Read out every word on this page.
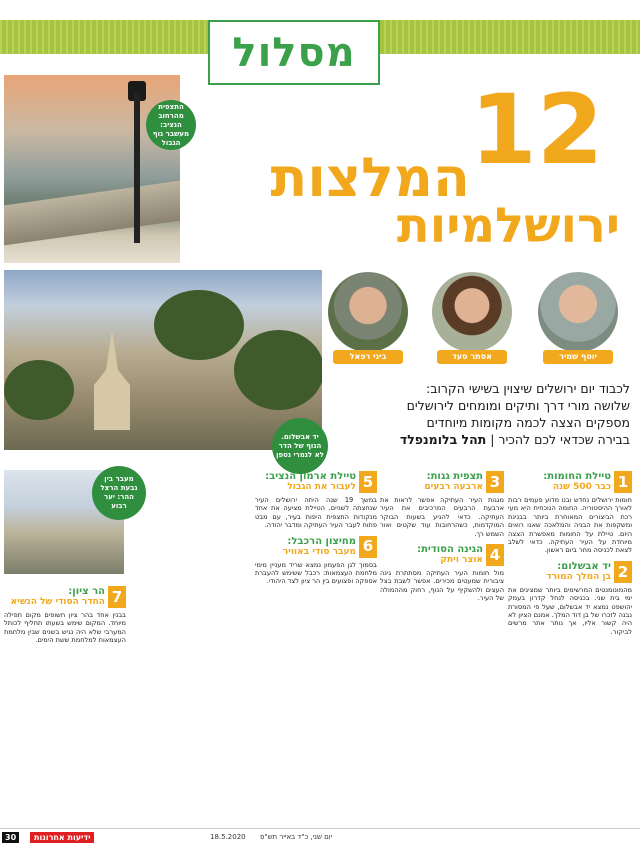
מסלול
התצפית מהרחוב הנציב: מעשבר נוף הגבול	12
המלצות
ירושלמיות
יד אבשלום. הנוף של הדר לא לגמרי נטפן
יוסף שמיר
אסתר סעד
ביני רפאל
לכבוד יום ירושלים שיצוין בשישי הקרוב:
שלושה מורי דרך ותיקים ומומחים לירושלים
מספקים הצצה לכמה מקומות מיוחדים
בבירה שכדאי לכם להכיר | תהל בלומנפלד
1
טיילת החומות:
כבר 500 שנה

חומות ירושלים נחדש ובנו מדוע פעמים רבות לאורך ההיסטוריה. החומה הנוכחית היא מעי רכת הביצורים המאוחרת ביותר בבנינת ומשקפות את הבניה והמלאכה שאנו רואים היום. טיילת על החומות מאפשרת הצצה מיוחדת על העיר העתיקה. כדאי לשלב לצאת לכניסה מחר ביום ראשון.

2
יד אבשלום:
בן המלך המורד

מהמונומנטים המרשימים ביותר שמציגים את ימי בית שני. בכניסה לנחל קדרון בעמק יהושפט נמצא יד אבשלום, שעל פי המסורת נבנה לזכרו של בן דוד המלך. אמנם הציון לא היה קשור אליו, אך נותר אתר מרשים לביקור.

3
תצפית גגות:
ארבעה רבעים

מגגות העיר העתיקה אפשר לראות את ארבעת הרבעים המרכיבים את העיר העתיקה. כדאי להגיע בשעות הבוקר המוקדמות, כשהרחובות עוד שקטים ואור השמש רך.

4
הגינה הסודית:
אוצר ויתק

מול חומות העיר העתיקה מסתתרת גינה ציבורית שמעטים מכירים. אפשר לשבת בצל העצים ולהשקיף על הנוף, רחוק מההמולה של העיר.

5
טיילת ארמון הנציב:
לעבור את הגבול

במשך 19 שנה היתה ירושלים העיר שנחצתה לשניים. הטיילת מציעה את אחד מנקודות התצפית היפות בעיר, עם מבט פתוח לעבר העיר העתיקה ומדבר יהודה.

6
מחיצון הרכבל:
מעבר סודי באוויר

בסמוך לגן הפעמון נמצא שריד מעניין מימי מלחמת העצמאות: רכבל ששימש להעברת אספקה ופצועים בין הר ציון לצד היהודי.

מעבר בין גבעת הרצל ההר: יער רבוע
7
הר ציון:
החדר הסודי של הנשיא

בבנין אחד בהר ציון חשופים מקום תפילה מיוחד. המקום שימש בשעתו תחליף לכותל המערבי שלא היה נגיש בשנים שבין מלחמת העצמאות למלחמת ששת הימים.

30	ידיעות אחרונות	18.5.2020 יום שני, כ"ד באייר תש"פ
